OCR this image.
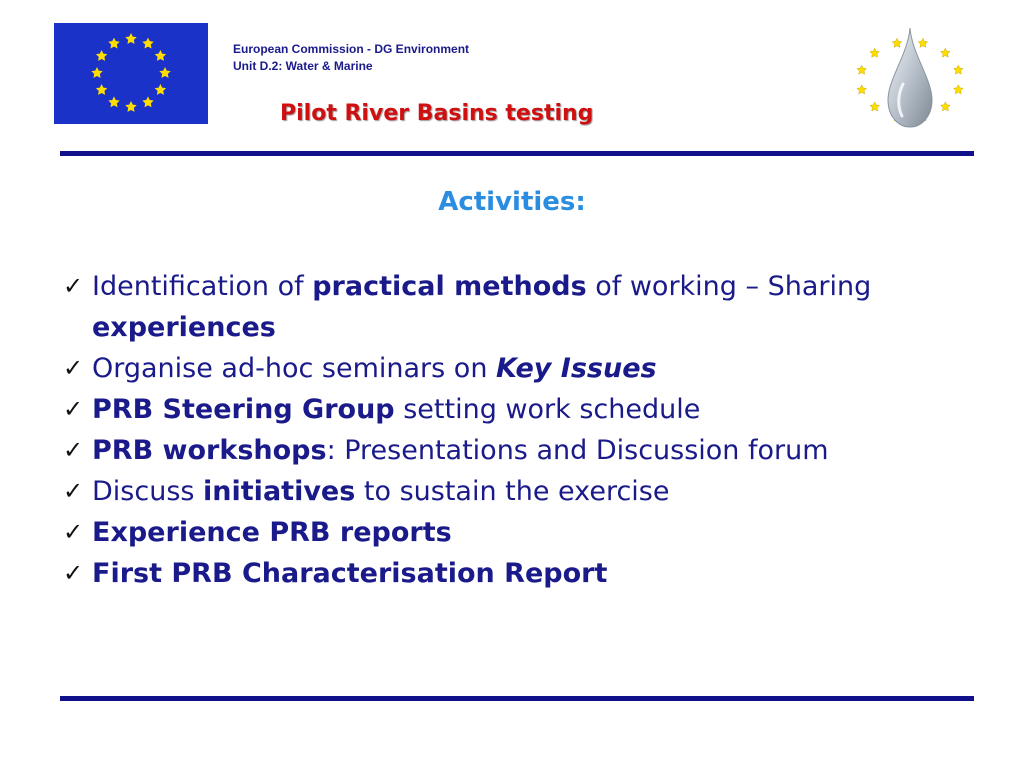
European Commission - DG Environment
Unit D.2: Water & Marine
Pilot River Basins testing
Activities:
✓ Identification of practical methods of working – Sharing experiences
✓ Organise ad-hoc seminars on Key Issues
✓ PRB Steering Group setting work schedule
✓ PRB workshops: Presentations and Discussion forum
✓ Discuss initiatives to sustain the exercise
✓ Experience PRB reports
✓ First PRB Characterisation Report
